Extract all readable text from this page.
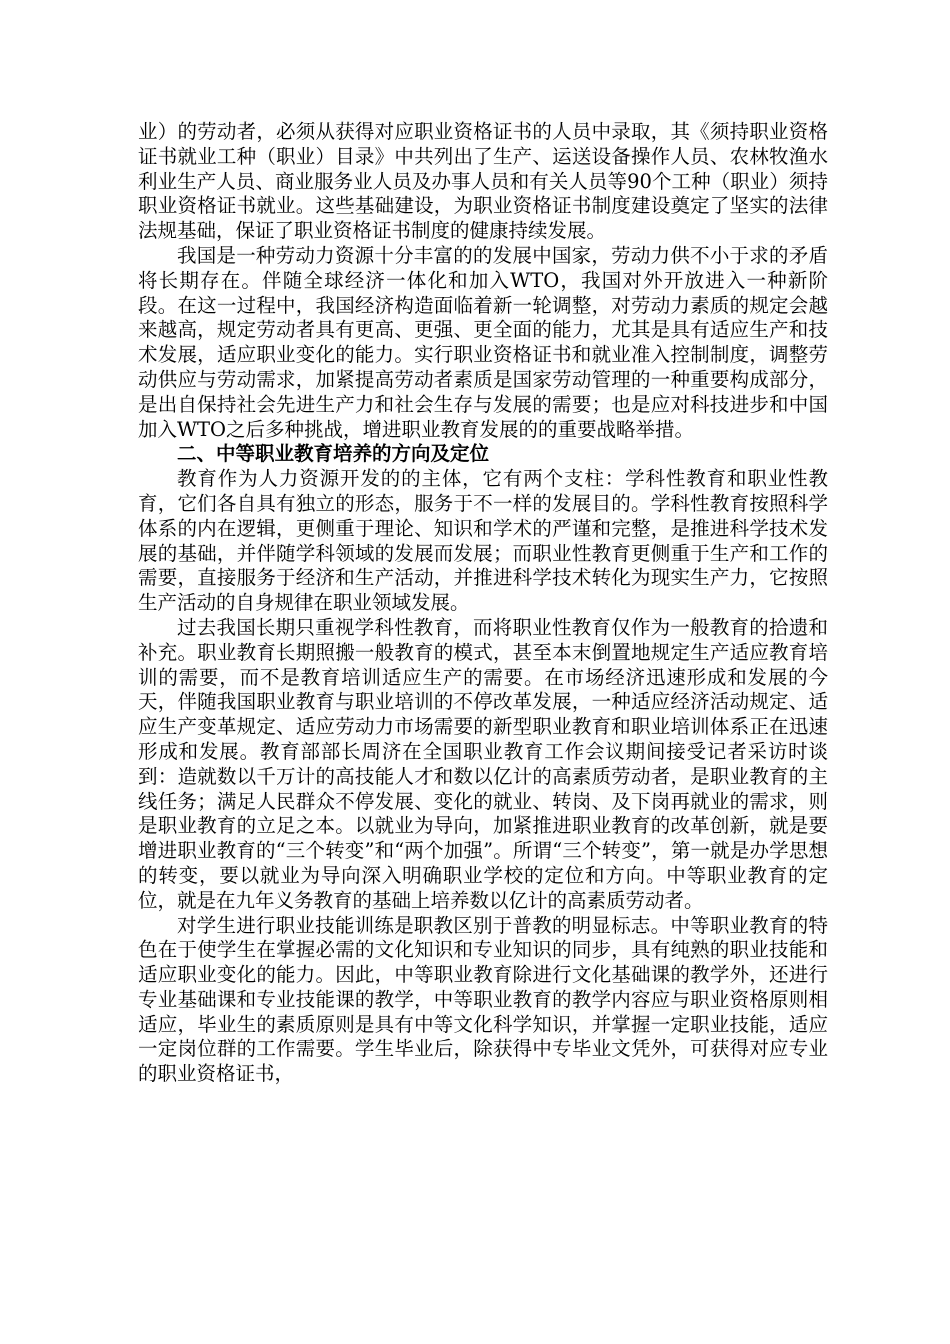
业）的劳动者，必须从获得对应职业资格证书的人员中录取，其《须持职业资格证书就业工种（职业）目录》中共列出了生产、运送设备操作人员、农林牧渔水利业生产人员、商业服务业人员及办事人员和有关人员等90个工种（职业）须持职业资格证书就业。这些基础建设，为职业资格证书制度建设奠定了坚实的法律法规基础，保证了职业资格证书制度的健康持续发展。

我国是一种劳动力资源十分丰富的的发展中国家，劳动力供不小于求的矛盾将长期存在。伴随全球经济一体化和加入WTO，我国对外开放进入一种新阶段。在这一过程中，我国经济构造面临着新一轮调整，对劳动力素质的规定会越来越高，规定劳动者具有更高、更强、更全面的能力，尤其是具有适应生产和技术发展，适应职业变化的能力。实行职业资格证书和就业准入控制制度，调整劳动供应与劳动需求，加紧提高劳动者素质是国家劳动管理的一种重要构成部分，是出自保持社会先进生产力和社会生存与发展的需要；也是应对科技进步和中国加入WTO之后多种挑战，增进职业教育发展的的重要战略举措。

二、中等职业教育培养的方向及定位

教育作为人力资源开发的的主体，它有两个支柱：学科性教育和职业性教育，它们各自具有独立的形态，服务于不一样的发展目的。学科性教育按照科学体系的内在逻辑，更侧重于理论、知识和学术的严谨和完整，是推进科学技术发展的基础，并伴随学科领域的发展而发展；而职业性教育更侧重于生产和工作的需要，直接服务于经济和生产活动，并推进科学技术转化为现实生产力，它按照生产活动的自身规律在职业领域发展。

过去我国长期只重视学科性教育，而将职业性教育仅作为一般教育的拾遗和补充。职业教育长期照搬一般教育的模式，甚至本末倒置地规定生产适应教育培训的需要，而不是教育培训适应生产的需要。在市场经济迅速形成和发展的今天，伴随我国职业教育与职业培训的不停改革发展，一种适应经济活动规定、适应生产变革规定、适应劳动力市场需要的新型职业教育和职业培训体系正在迅速形成和发展。教育部部长周济在全国职业教育工作会议期间接受记者采访时谈到：造就数以千万计的高技能人才和数以亿计的高素质劳动者，是职业教育的主线任务；满足人民群众不停发展、变化的就业、转岗、及下岗再就业的需求，则是职业教育的立足之本。以就业为导向，加紧推进职业教育的改革创新，就是要增进职业教育的“三个转变”和“两个加强”。所谓“三个转变”，第一就是办学思想的转变，要以就业为导向深入明确职业学校的定位和方向。中等职业教育的定位，就是在九年义务教育的基础上培养数以亿计的高素质劳动者。

对学生进行职业技能训练是职教区别于普教的明显标志。中等职业教育的特色在于使学生在掌握必需的文化知识和专业知识的同步，具有纯熟的职业技能和适应职业变化的能力。因此，中等职业教育除进行文化基础课的教学外，还进行专业基础课和专业技能课的教学，中等职业教育的教学内容应与职业资格原则相适应，毕业生的素质原则是具有中等文化科学知识，并掌握一定职业技能，适应一定岗位群的工作需要。学生毕业后，除获得中专毕业文凭外，可获得对应专业的职业资格证书，
